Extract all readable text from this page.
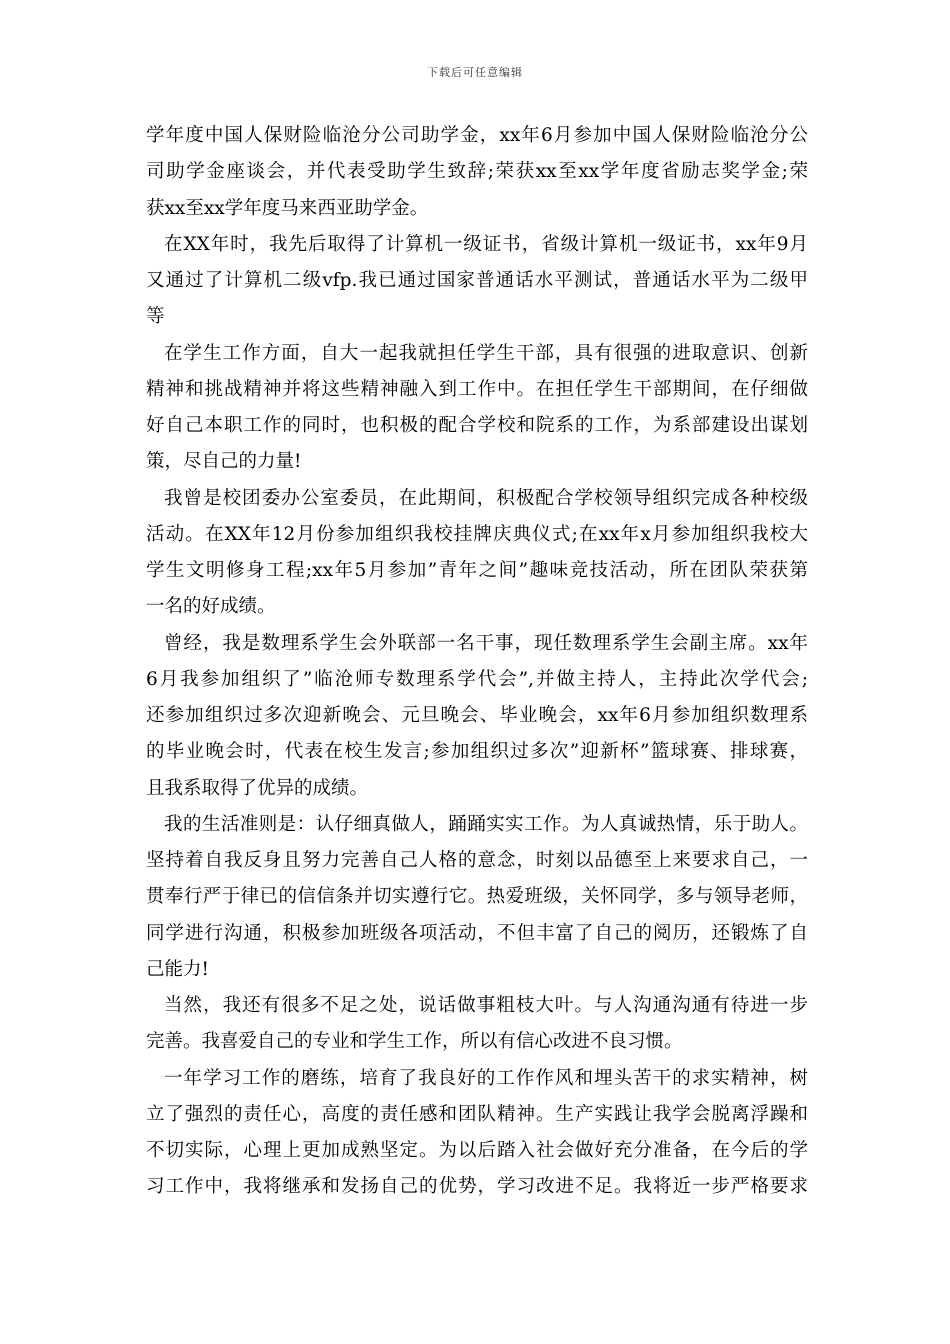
下载后可任意编辑
学年度中国人保财险临沧分公司助学金，xx年6月参加中国人保财险临沧分公
司助学金座谈会，并代表受助学生致辞;荣获xx至xx学年度省励志奖学金;荣
获xx至xx学年度马来西亚助学金。
在XX年时，我先后取得了计算机一级证书，省级计算机一级证书，xx年9月
又通过了计算机二级vfp.我已通过国家普通话水平测试，普通话水平为二级甲
等
在学生工作方面，自大一起我就担任学生干部，具有很强的进取意识、创新
精神和挑战精神并将这些精神融入到工作中。在担任学生干部期间，在仔细做
好自己本职工作的同时，也积极的配合学校和院系的工作，为系部建设出谋划
策，尽自己的力量!
我曾是校团委办公室委员，在此期间，积极配合学校领导组织完成各种校级
活动。在XX年12月份参加组织我校挂牌庆典仪式;在xx年x月参加组织我校大
学生文明修身工程;xx年5月参加”青年之间”趣味竞技活动，所在团队荣获第
一名的好成绩。
曾经，我是数理系学生会外联部一名干事，现任数理系学生会副主席。xx年
6月我参加组织了”临沧师专数理系学代会”,并做主持人，主持此次学代会;
还参加组织过多次迎新晚会、元旦晚会、毕业晚会，xx年6月参加组织数理系
的毕业晚会时，代表在校生发言;参加组织过多次”迎新杯”篮球赛、排球赛，
且我系取得了优异的成绩。
我的生活准则是：认仔细真做人，踊踊实实工作。为人真诚热情，乐于助人。
坚持着自我反身且努力完善自己人格的意念，时刻以品德至上来要求自己，一
贯奉行严于律已的信信条并切实遵行它。热爱班级，关怀同学，多与领导老师，
同学进行沟通，积极参加班级各项活动，不但丰富了自己的阅历，还锻炼了自
己能力!
当然，我还有很多不足之处，说话做事粗枝大叶。与人沟通沟通有待进一步
完善。我喜爱自己的专业和学生工作，所以有信心改进不良习惯。
一年学习工作的磨练，培育了我良好的工作作风和埋头苦干的求实精神，树
立了强烈的责任心，高度的责任感和团队精神。生产实践让我学会脱离浮躁和
不切实际，心理上更加成熟坚定。为以后踏入社会做好充分准备，在今后的学
习工作中，我将继承和发扬自己的优势，学习改进不足。我将近一步严格要求
